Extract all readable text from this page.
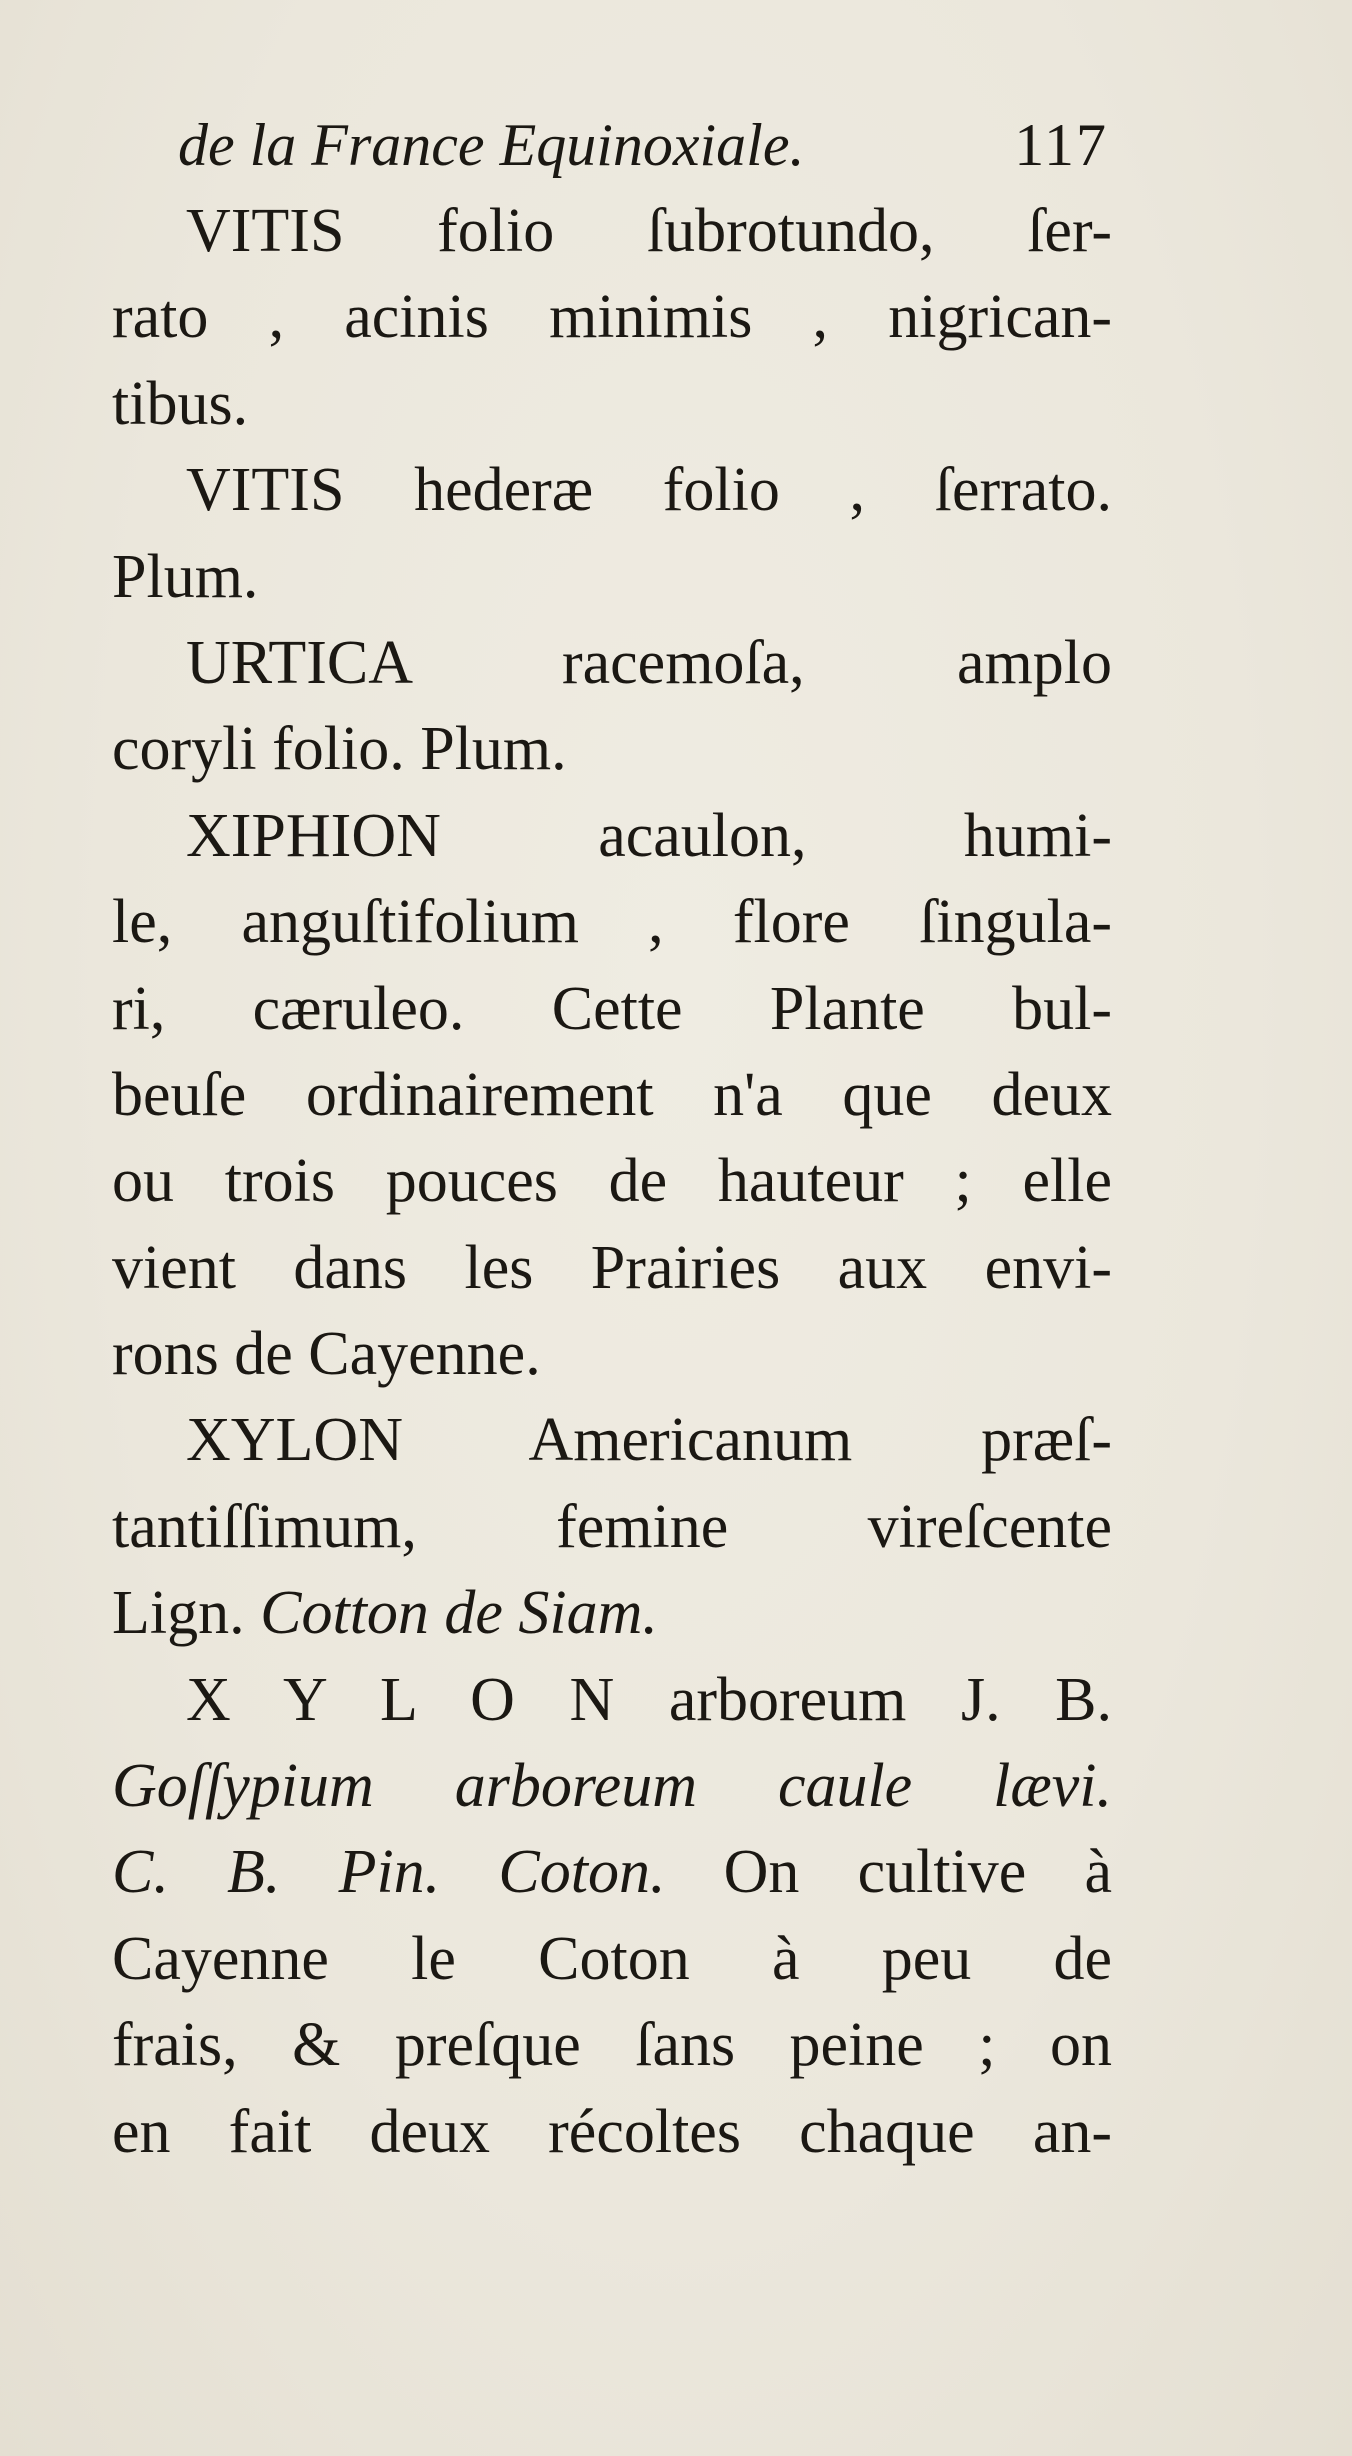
de la France Equinoxiale.	117
VITIS folio ſubrotundo, ſer-
rato , acinis minimis , nigrican-
tibus.
VITIS hederæ folio , ſerrato.
Plum.
URTICA racemoſa, amplo
coryli folio. Plum.
XIPHION acaulon, humi-
le, anguſtifolium , flore ſingula-
ri, cæruleo. Cette Plante bul-
beuſe ordinairement n'a que deux
ou trois pouces de hauteur ; elle
vient dans les Prairies aux envi-
rons de Cayenne.
XYLON Americanum præſ-
tantiſſimum, femine vireſcente
Lign. Cotton de Siam.
X Y L O N arboreum J. B.
Goſſypium arboreum caule lævi.
C. B. Pin. Coton. On cultive à
Cayenne le Coton à peu de
frais, & preſque ſans peine ; on
en fait deux récoltes chaque an-
